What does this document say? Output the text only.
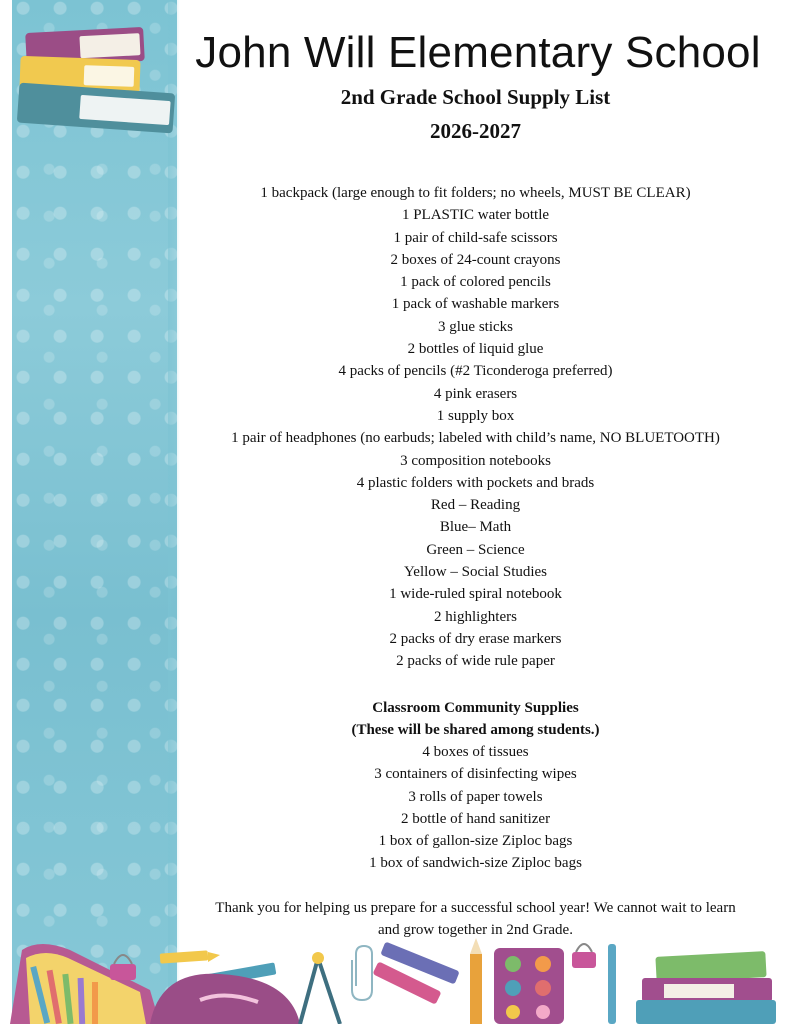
John Will Elementary School
2nd Grade School Supply List
2026-2027
1 backpack (large enough to fit folders; no wheels, MUST BE CLEAR)
1 PLASTIC water bottle
1 pair of child-safe scissors
2 boxes of 24-count crayons
1 pack of colored pencils
1 pack of washable markers
3 glue sticks
2 bottles of liquid glue
4 packs of pencils (#2 Ticonderoga preferred)
4 pink erasers
1 supply box
1 pair of headphones (no earbuds; labeled with child’s name, NO BLUETOOTH)
3 composition notebooks
4 plastic folders with pockets and brads
Red – Reading
Blue– Math
Green – Science
Yellow – Social Studies
1 wide-ruled spiral notebook
2 highlighters
2 packs of dry erase markers
2 packs of wide rule paper
Classroom Community Supplies
(These will be shared among students.)
4 boxes of tissues
3 containers of disinfecting wipes
3 rolls of paper towels
2 bottle of hand sanitizer
1 box of gallon-size Ziploc bags
1 box of sandwich-size Ziploc bags
Thank you for helping us prepare for a successful school year! We cannot wait to learn and grow together in 2nd Grade.
